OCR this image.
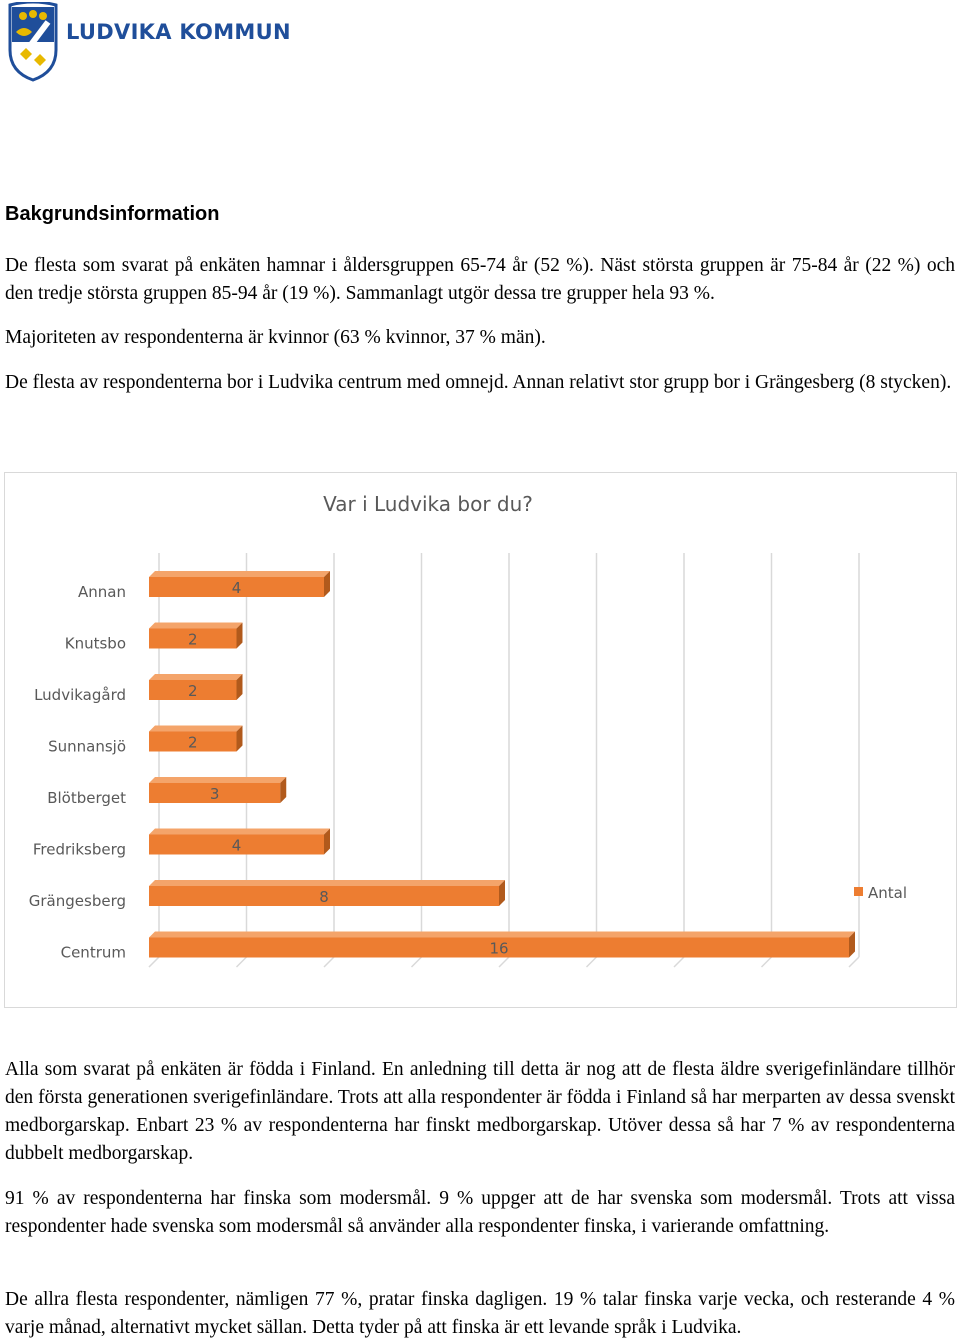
LUDVIKA KOMMUN
Bakgrundsinformation

De flesta som svarat på enkäten hamnar i åldersgruppen 65-74 år (52 %). Näst största gruppen är 75-84 år (22 %) och den tredje största gruppen 85-94 år (19 %). Sammanlagt utgör dessa tre grupper hela 93 %.

Majoriteten av respondenterna är kvinnor (63 % kvinnor, 37 % män).

De flesta av respondenterna bor i Ludvika centrum med omnejd. Annan relativt stor grupp bor i Grängesberg (8 stycken).

Var i Ludvika bor du?
Annan	4
Knutsbo	2
Ludvikagård	2
Sunnansjö	2
Blötberget	3
Fredriksberg	4
Grängesberg	8
Centrum	16
Antal

Alla som svarat på enkäten är födda i Finland. En anledning till detta är nog att de flesta äldre sverigefinländare tillhör den första generationen sverigefinländare. Trots att alla respondenter är födda i Finland så har merparten av dessa svenskt medborgarskap. Enbart 23 % av respondenterna har finskt medborgarskap. Utöver dessa så har 7 % av respondenterna dubbelt medborgarskap.

91 % av respondenterna har finska som modersmål. 9 % uppger att de har svenska som modersmål. Trots att vissa respondenter hade svenska som modersmål så använder alla respondenter finska, i varierande omfattning.

De allra flesta respondenter, nämligen 77 %, pratar finska dagligen. 19 % talar finska varje vecka, och resterande 4 % varje månad, alternativt mycket sällan. Detta tyder på att finska är ett levande språk i Ludvika.
